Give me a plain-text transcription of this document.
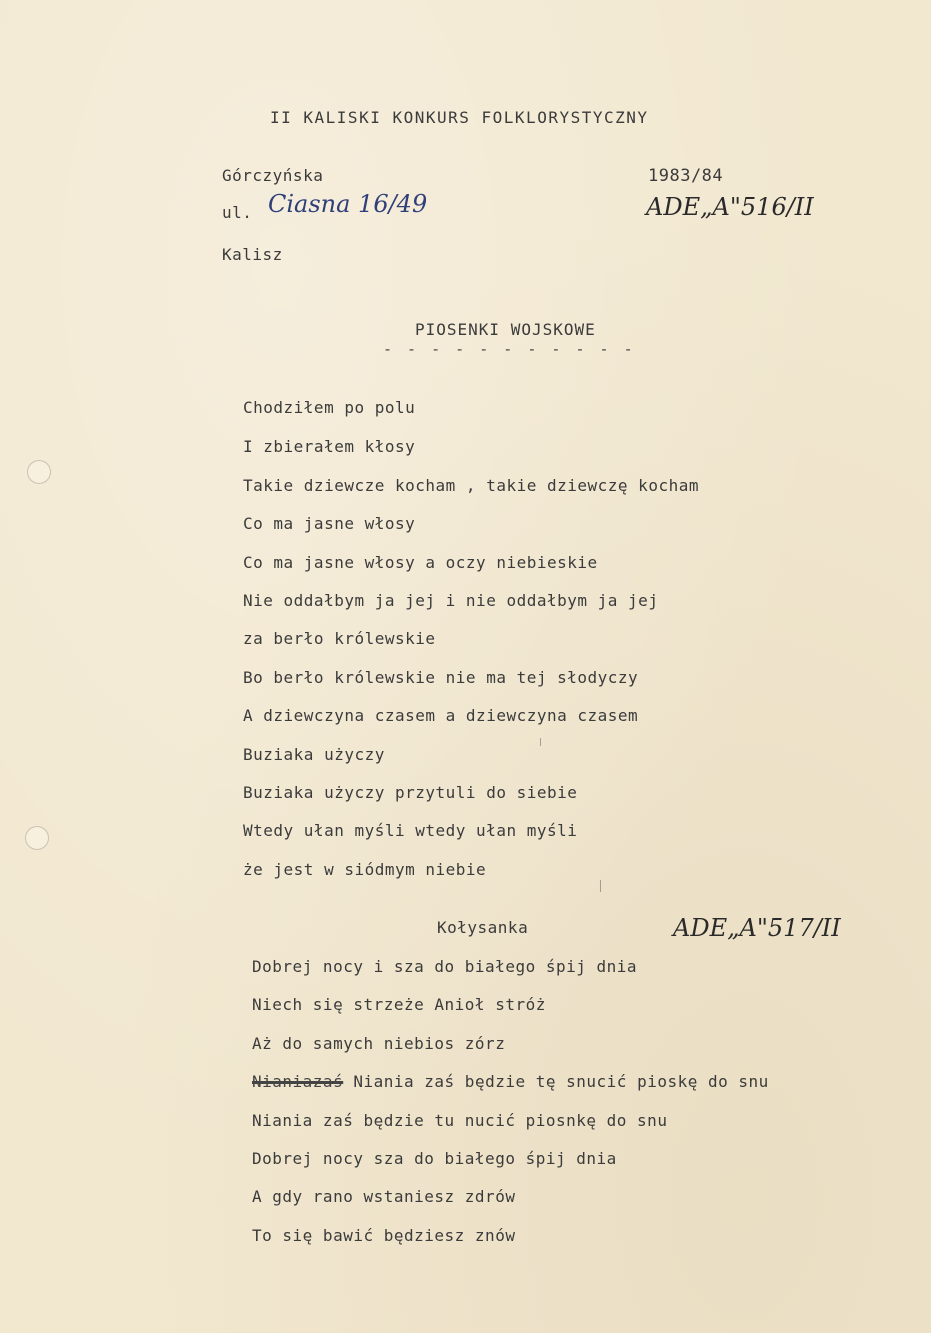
II KALISKI KONKURS FOLKLORYSTYCZNY
Górczyńska
ul. Ciasna 16/49
Kalisz
1983/84
ADE„A"516/II
PIOSENKI WOJSKOWE
- - - - - - - - - - -
Chodziłem po polu
I zbierałem kłosy
Takie dziewcze kocham , takie dziewczę kocham
Co ma jasne włosy
Co ma jasne włosy a oczy niebieskie
Nie oddałbym ja jej i nie oddałbym ja jej
za berło królewskie
Bo berło królewskie nie ma tej słodyczy
A dziewczyna czasem a dziewczyna czasem
Buziaka użyczy
Buziaka użyczy przytuli do siebie
Wtedy ułan myśli wtedy ułan myśli
że jest w siódmym niebie
Kołysanka	ADE„A"517/II
Dobrej nocy i sza do białego śpij dnia
Niech się strzeże Anioł stróż
Aż do samych niebios zórz
Nianiazaś Niania zaś będzie tę snucić pioskę do snu
Niania zaś będzie tu nucić piosnkę do snu
Dobrej nocy sza do białego śpij dnia
A gdy rano wstaniesz zdrów
To się bawić będziesz znów
